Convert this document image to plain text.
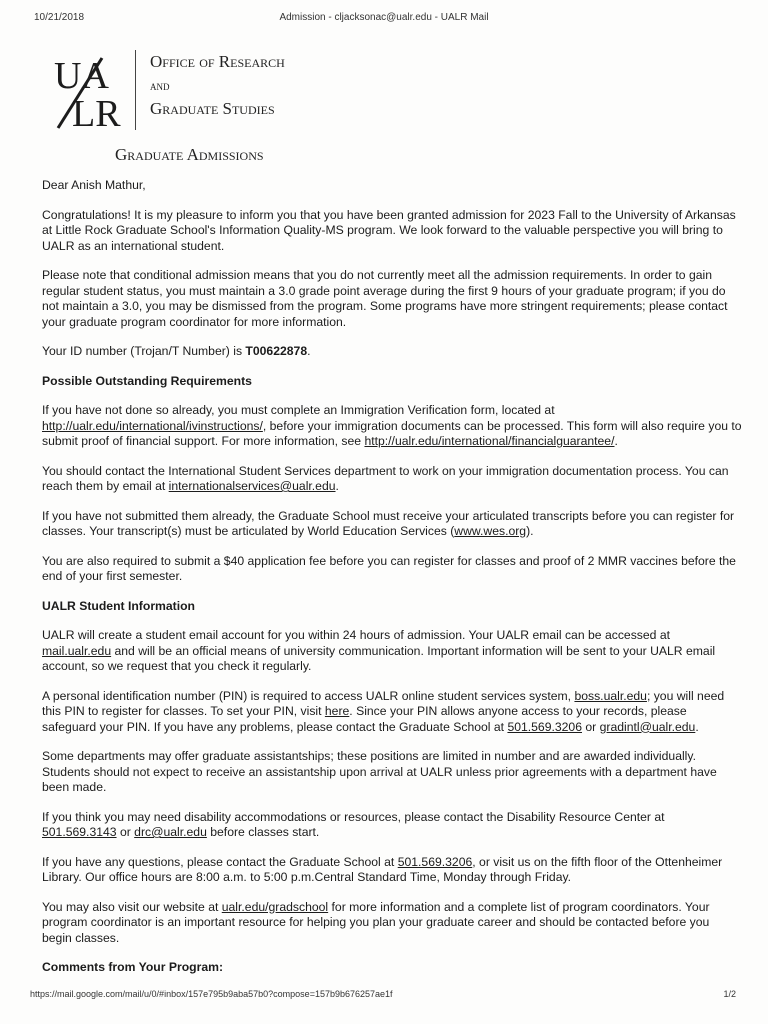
10/21/2018	Admission - cljacksonac@ualr.edu - UALR Mail
UA
LR
Office of Research
and
Graduate Studies
Graduate Admissions

Dear Anish Mathur,

Congratulations! It is my pleasure to inform you that you have been granted admission for 2023 Fall to the University of Arkansas at Little Rock Graduate School's Information Quality-MS program. We look forward to the valuable perspective you will bring to UALR as an international student.

Please note that conditional admission means that you do not currently meet all the admission requirements. In order to gain regular student status, you must maintain a 3.0 grade point average during the first 9 hours of your graduate program; if you do not maintain a 3.0, you may be dismissed from the program. Some programs have more stringent requirements; please contact your graduate program coordinator for more information.

Your ID number (Trojan/T Number) is T00622878.

Possible Outstanding Requirements

If you have not done so already, you must complete an Immigration Verification form, located at http://ualr.edu/international/ivinstructions/, before your immigration documents can be processed. This form will also require you to submit proof of financial support. For more information, see http://ualr.edu/international/financialguarantee/.

You should contact the International Student Services department to work on your immigration documentation process. You can reach them by email at internationalservices@ualr.edu.

If you have not submitted them already, the Graduate School must receive your articulated transcripts before you can register for classes. Your transcript(s) must be articulated by World Education Services (www.wes.org).

You are also required to submit a $40 application fee before you can register for classes and proof of 2 MMR vaccines before the end of your first semester.

UALR Student Information

UALR will create a student email account for you within 24 hours of admission. Your UALR email can be accessed at mail.ualr.edu and will be an official means of university communication. Important information will be sent to your UALR email account, so we request that you check it regularly.

A personal identification number (PIN) is required to access UALR online student services system, boss.ualr.edu; you will need this PIN to register for classes. To set your PIN, visit here. Since your PIN allows anyone access to your records, please safeguard your PIN. If you have any problems, please contact the Graduate School at 501.569.3206 or gradintl@ualr.edu.

Some departments may offer graduate assistantships; these positions are limited in number and are awarded individually. Students should not expect to receive an assistantship upon arrival at UALR unless prior agreements with a department have been made.

If you think you may need disability accommodations or resources, please contact the Disability Resource Center at 501.569.3143 or drc@ualr.edu before classes start.

If you have any questions, please contact the Graduate School at 501.569.3206, or visit us on the fifth floor of the Ottenheimer Library. Our office hours are 8:00 a.m. to 5:00 p.m.Central Standard Time, Monday through Friday.

You may also visit our website at ualr.edu/gradschool for more information and a complete list of program coordinators. Your program coordinator is an important resource for helping you plan your graduate career and should be contacted before you begin classes.

Comments from Your Program:
https://mail.google.com/mail/u/0/#inbox/157e795b9aba57b0?compose=157b9b676257ae1f	1/2
